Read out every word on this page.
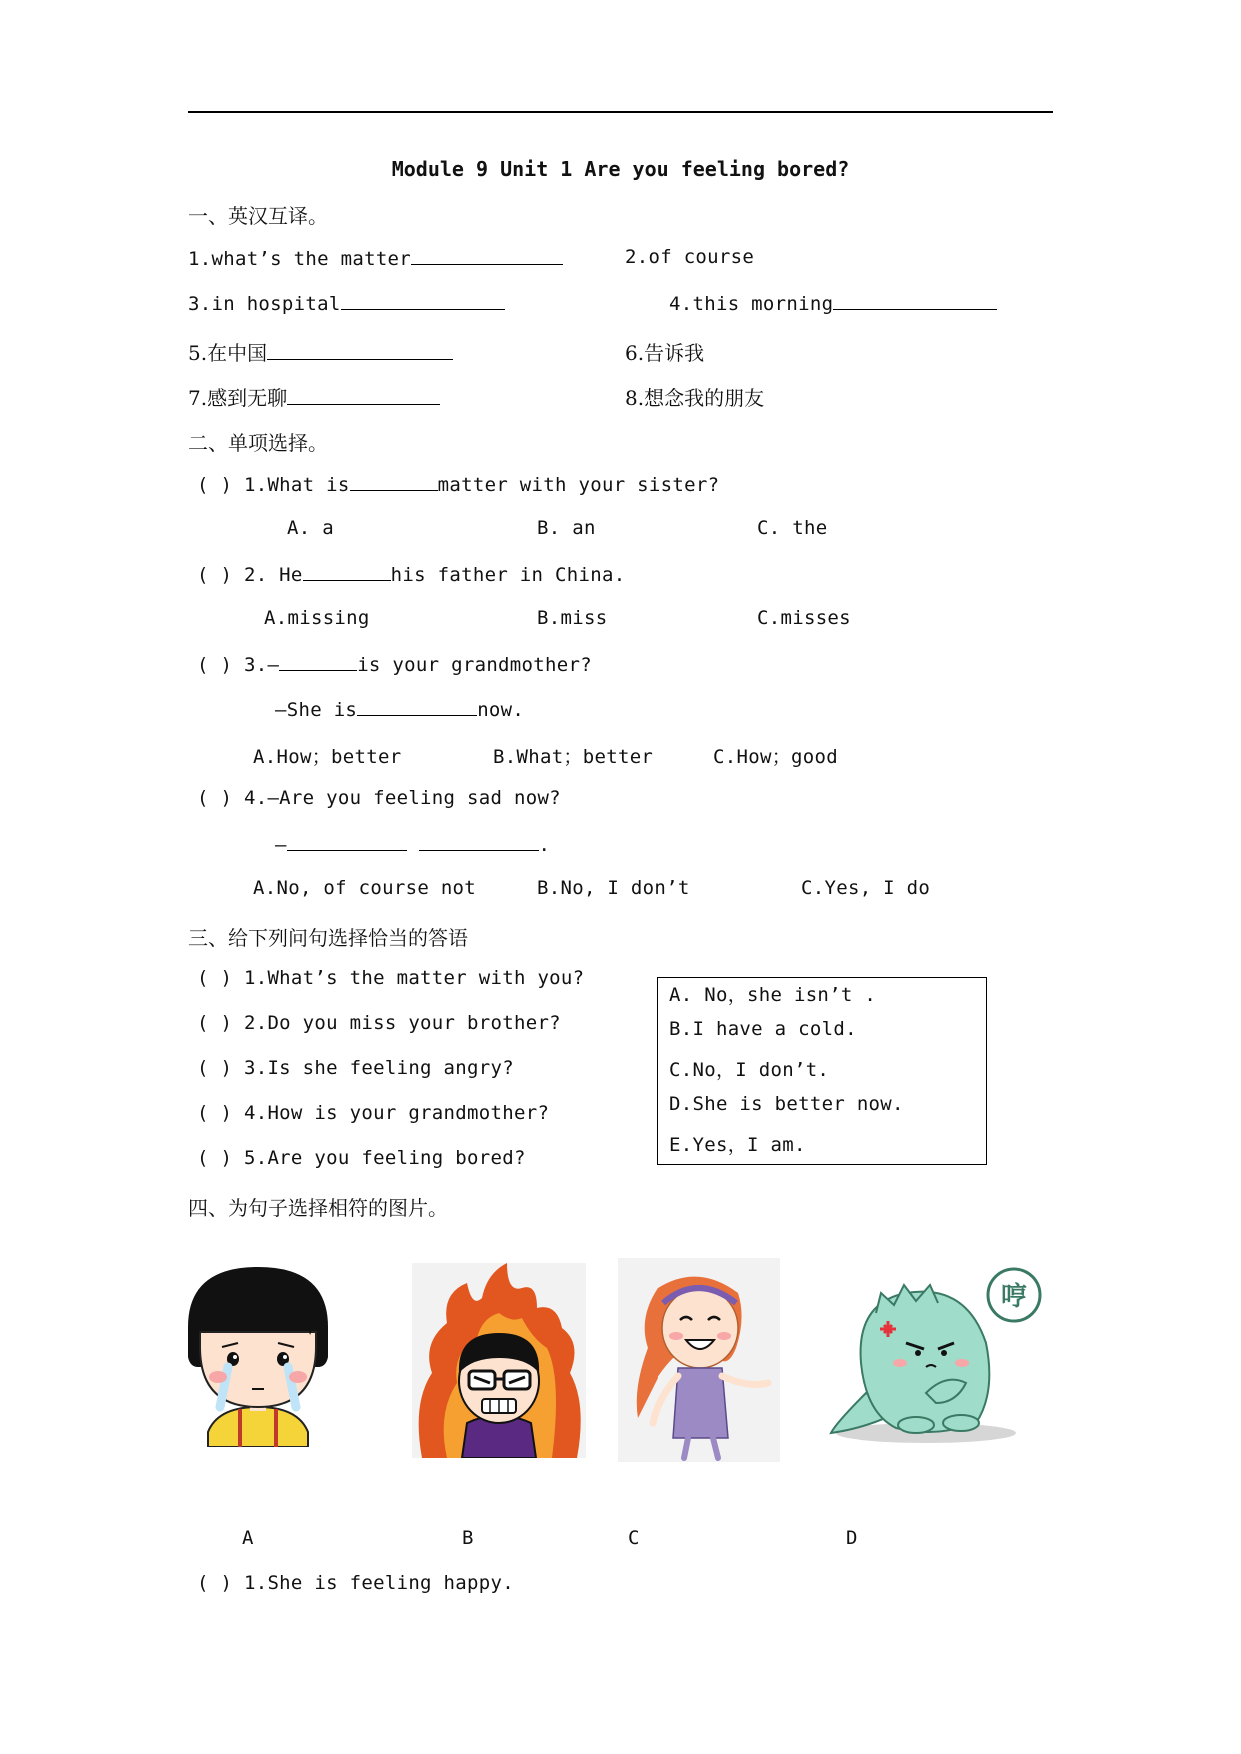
Module 9 Unit 1 Are you feeling bored?
一、英汉互译。
1.what’s the matter	2.of course
3.in hospital	4.this morning
5.在中国	6.告诉我
7.感到无聊	8.想念我的朋友
二、单项选择。
( ) 1.What is	matter with your sister?
A. a	B. an	C. the
( ) 2. He	his father in China.
A.missing	B.miss	C.misses
( ) 3.—	is your grandmother?
—She is	now.
A.How；better	B.What；better	C.How；good
( ) 4.—Are you feeling sad now?
—	.
A.No, of course not	B.No, I don’t	C.Yes, I do
三、给下列问句选择恰当的答语
( ) 1.What’s the matter with you?
( ) 2.Do you miss your brother?
( ) 3.Is she feeling angry?
( ) 4.How is your grandmother?
( ) 5.Are you feeling bored?
A. No，she isn’t .
B.I have a cold.
C.No，I don’t.
D.She is better now.
E.Yes，I am.
四、为句子选择相符的图片。
哼
A	B	C	D
( ) 1.She is feeling happy.
